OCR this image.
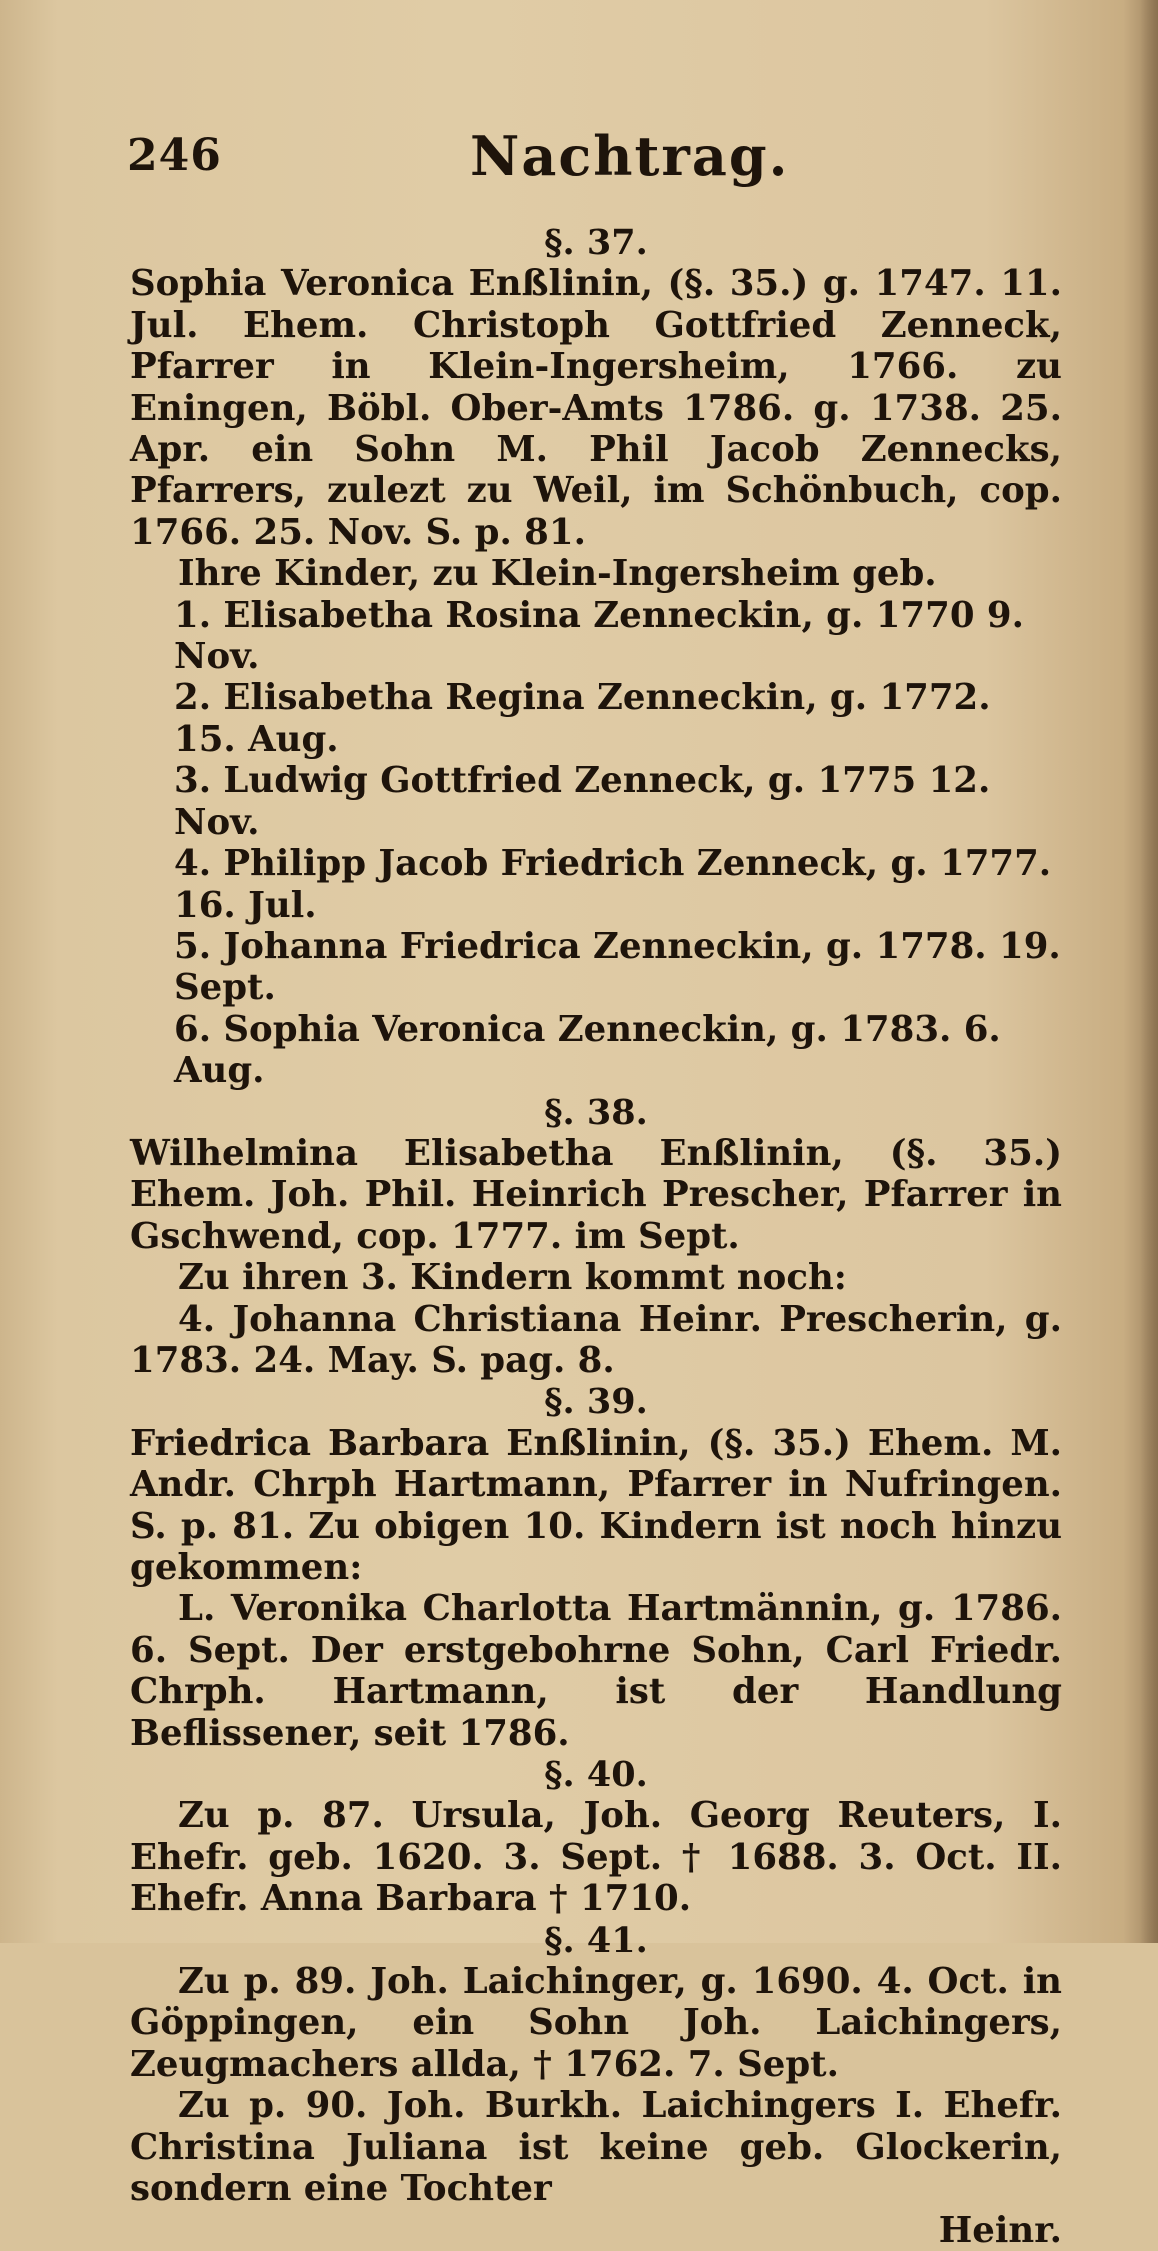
246	Nachtrag.
§. 37.

Sophia Veronica Enßlinin, (§. 35.) g. 1747. 11. Jul. Ehem. Christoph Gottfried Zenneck, Pfarrer in Klein-Ingersheim, 1766. zu Eningen, Böbl. Ober-Amts 1786. g. 1738. 25. Apr. ein Sohn M. Phil Jacob Zennecks, Pfarrers, zulezt zu Weil, im Schönbuch, cop. 1766. 25. Nov. S. p. 81.

Ihre Kinder, zu Klein-Ingersheim geb.

1. Elisabetha Rosina Zenneckin, g. 1770 9. Nov.

2. Elisabetha Regina Zenneckin, g. 1772. 15. Aug.

3. Ludwig Gottfried Zenneck, g. 1775 12. Nov.

4. Philipp Jacob Friedrich Zenneck, g. 1777. 16. Jul.

5. Johanna Friedrica Zenneckin, g. 1778. 19. Sept.

6. Sophia Veronica Zenneckin, g. 1783. 6. Aug.

§. 38.

Wilhelmina Elisabetha Enßlinin, (§. 35.) Ehem. Joh. Phil. Heinrich Prescher, Pfarrer in Gschwend, cop. 1777. im Sept.

Zu ihren 3. Kindern kommt noch:

4. Johanna Christiana Heinr. Prescherin, g. 1783. 24. May. S. pag. 8.

§. 39.

Friedrica Barbara Enßlinin, (§. 35.) Ehem. M. Andr. Chrph Hartmann, Pfarrer in Nufringen. S. p. 81. Zu obigen 10. Kindern ist noch hinzu gekommen:

L. Veronika Charlotta Hartmännin, g. 1786. 6. Sept. Der erstgebohrne Sohn, Carl Friedr. Chrph. Hartmann, ist der Handlung Beflissener, seit 1786.

§. 40.

Zu p. 87. Ursula, Joh. Georg Reuters, I. Ehefr. geb. 1620. 3. Sept. † 1688. 3. Oct. II. Ehefr. Anna Barbara † 1710.

§. 41.

Zu p. 89. Joh. Laichinger, g. 1690. 4. Oct. in Göppingen, ein Sohn Joh. Laichingers, Zeugmachers allda, † 1762. 7. Sept.

Zu p. 90. Joh. Burkh. Laichingers I. Ehefr. Christina Juliana ist keine geb. Glockerin, sondern eine Tochter

Heinr.
